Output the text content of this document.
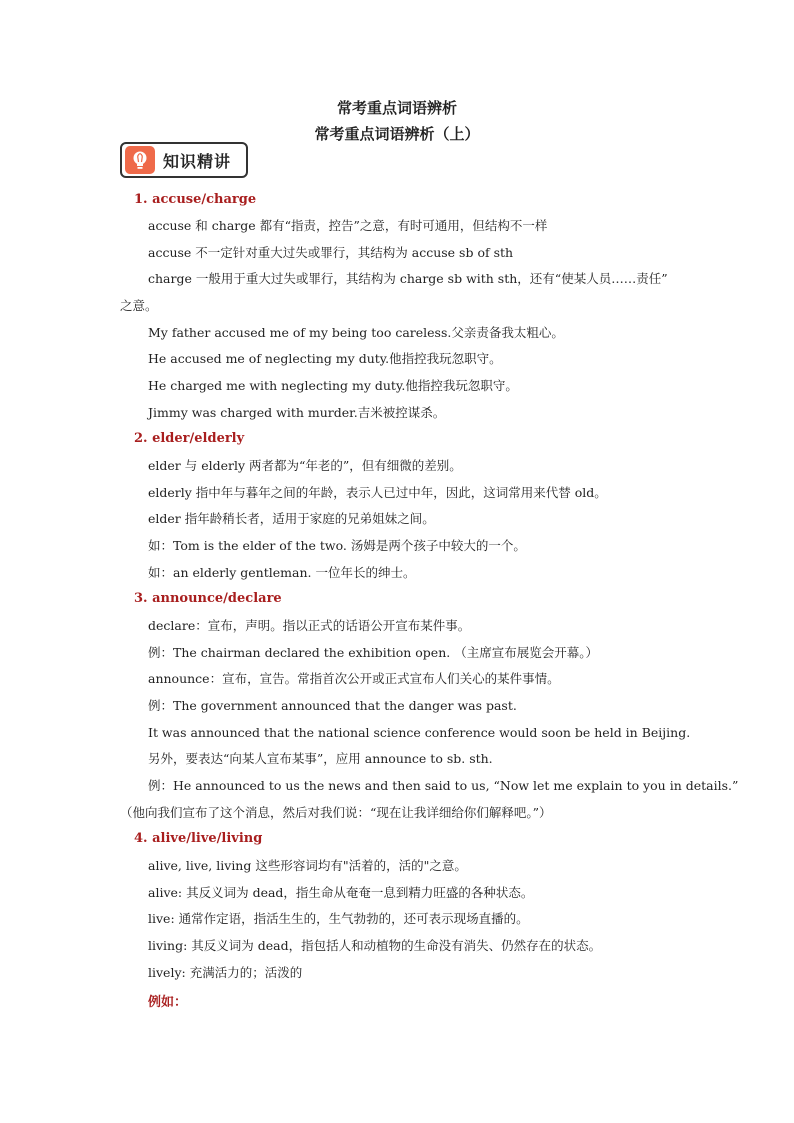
常考重点词语辨析
常考重点词语辨析（上）
知识精讲
1. accuse/charge
accuse 和 charge 都有“指责，控告”之意，有时可通用，但结构不一样
accuse 不一定针对重大过失或罪行，其结构为 accuse sb of sth
charge 一般用于重大过失或罪行，其结构为 charge sb with sth，还有“使某人员……责任”
之意。
My father accused me of my being too careless.父亲责备我太粗心。
He accused me of neglecting my duty.他指控我玩忽职守。
He charged me with neglecting my duty.他指控我玩忽职守。
Jimmy was charged with murder.吉米被控谋杀。
2. elder/elderly
elder 与 elderly 两者都为“年老的”，但有细微的差别。
elderly 指中年与暮年之间的年龄，表示人已过中年，因此，这词常用来代替 old。
elder 指年龄稍长者，适用于家庭的兄弟姐妹之间。
如：Tom is the elder of the two. 汤姆是两个孩子中较大的一个。
如：an elderly gentleman. 一位年长的绅士。
3. announce/declare
declare：宣布，声明。指以正式的话语公开宣布某件事。
例：The chairman declared the exhibition open. （主席宣布展览会开幕。）
announce：宣布，宣告。常指首次公开或正式宣布人们关心的某件事情。
例：The government announced that the danger was past.
It was announced that the national science conference would soon be held in Beijing.
另外，要表达“向某人宣布某事”，应用 announce to sb. sth.
例：He announced to us the news and then said to us, “Now let me explain to you in details.”
（他向我们宣布了这个消息，然后对我们说：“现在让我详细给你们解释吧。”）
4. alive/live/living
alive, live, living 这些形容词均有"活着的，活的"之意。
alive: 其反义词为 dead，指生命从奄奄一息到精力旺盛的各种状态。
live: 通常作定语，指活生生的，生气勃勃的，还可表示现场直播的。
living: 其反义词为 dead，指包括人和动植物的生命没有消失、仍然存在的状态。
lively: 充满活力的；活泼的
例如：
